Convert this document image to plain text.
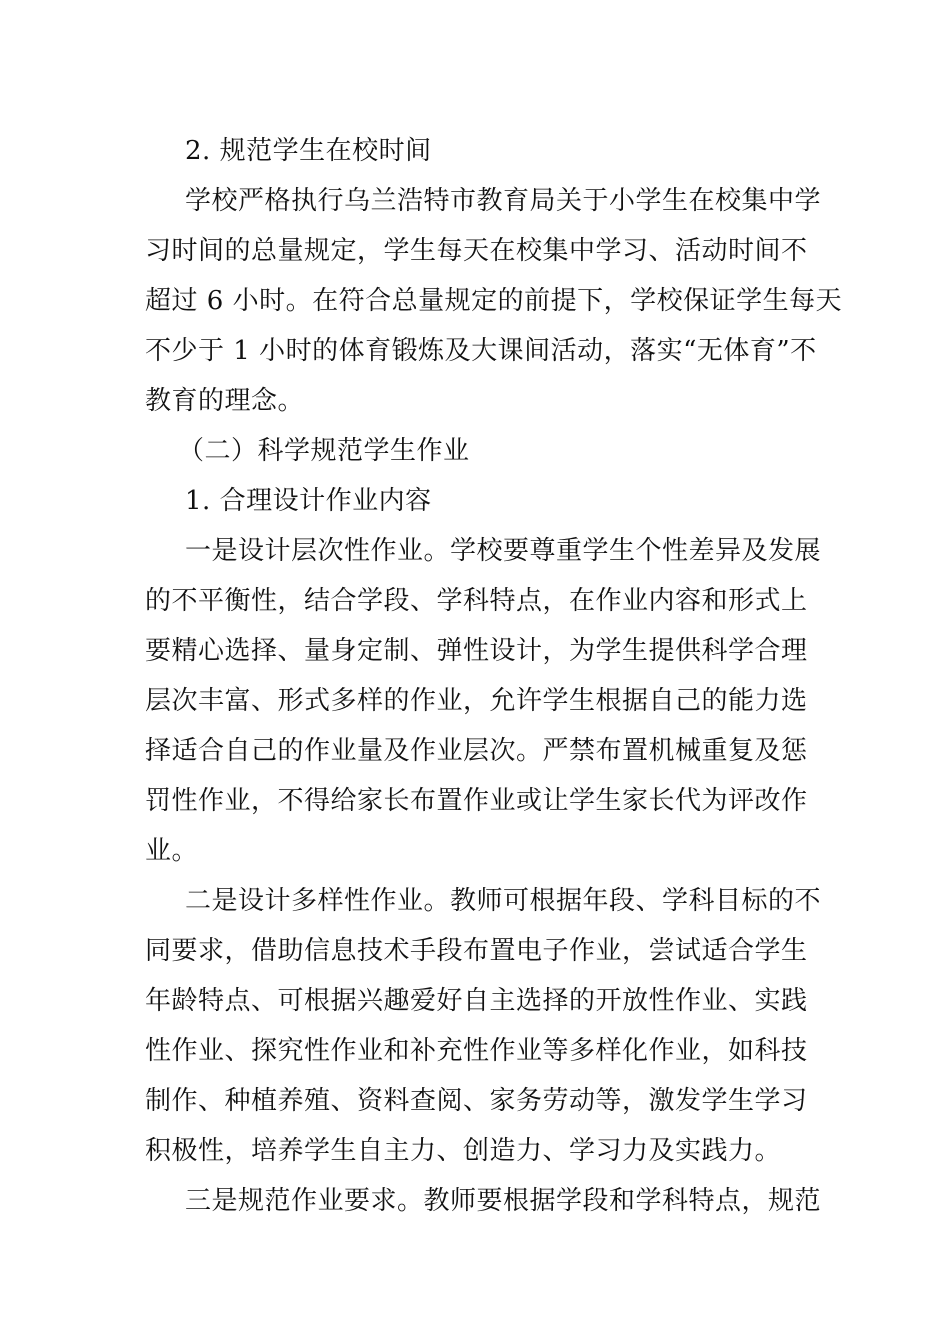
2. 规范学生在校时间
学校严格执行乌兰浩特市教育局关于小学生在校集中学
习时间的总量规定，学生每天在校集中学习、活动时间不
超过 6 小时。在符合总量规定的前提下，学校保证学生每天
不少于 1 小时的体育锻炼及大课间活动，落实“无体育”不
教育的理念。
（二）科学规范学生作业
1. 合理设计作业内容
一是设计层次性作业。学校要尊重学生个性差异及发展
的不平衡性，结合学段、学科特点，在作业内容和形式上
要精心选择、量身定制、弹性设计，为学生提供科学合理
层次丰富、形式多样的作业，允许学生根据自己的能力选
择适合自己的作业量及作业层次。严禁布置机械重复及惩
罚性作业，不得给家长布置作业或让学生家长代为评改作
业。
二是设计多样性作业。教师可根据年段、学科目标的不
同要求，借助信息技术手段布置电子作业，尝试适合学生
年龄特点、可根据兴趣爱好自主选择的开放性作业、实践
性作业、探究性作业和补充性作业等多样化作业，如科技
制作、种植养殖、资料查阅、家务劳动等，激发学生学习
积极性，培养学生自主力、创造力、学习力及实践力。
三是规范作业要求。教师要根据学段和学科特点，规范
